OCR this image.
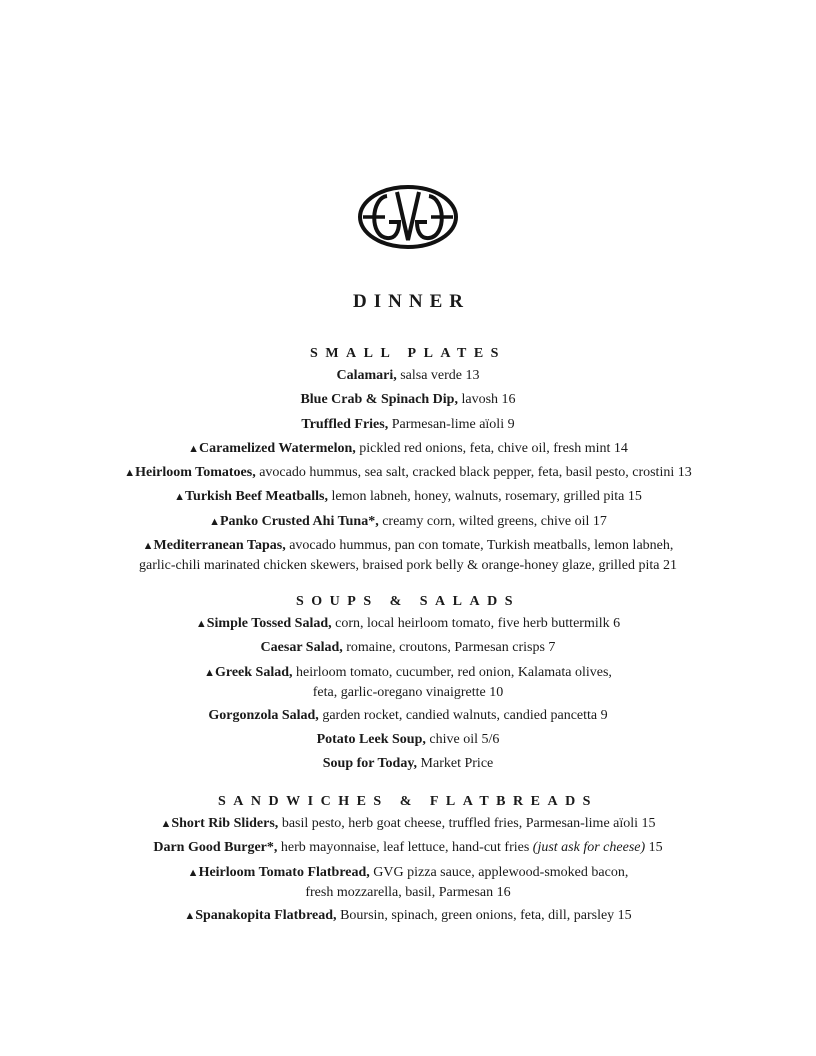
DINNER
SMALL PLATES
Calamari, salsa verde 13
Blue Crab & Spinach Dip, lavosh 16
Truffled Fries, Parmesan-lime aïoli 9
▲Caramelized Watermelon, pickled red onions, feta, chive oil, fresh mint 14
▲Heirloom Tomatoes, avocado hummus, sea salt, cracked black pepper, feta, basil pesto, crostini 13
▲Turkish Beef Meatballs, lemon labneh, honey, walnuts, rosemary, grilled pita 15
▲Panko Crusted Ahi Tuna*, creamy corn, wilted greens, chive oil 17
▲Mediterranean Tapas, avocado hummus, pan con tomate, Turkish meatballs, lemon labneh,
garlic-chili marinated chicken skewers, braised pork belly & orange-honey glaze, grilled pita 21
SOUPS & SALADS
▲Simple Tossed Salad, corn, local heirloom tomato, five herb buttermilk 6
Caesar Salad, romaine, croutons, Parmesan crisps 7
▲Greek Salad, heirloom tomato, cucumber, red onion, Kalamata olives,
feta, garlic-oregano vinaigrette 10
Gorgonzola Salad, garden rocket, candied walnuts, candied pancetta 9
Potato Leek Soup, chive oil 5/6
Soup for Today, Market Price
SANDWICHES & FLATBREADS
▲Short Rib Sliders, basil pesto, herb goat cheese, truffled fries, Parmesan-lime aïoli 15
Darn Good Burger*, herb mayonnaise, leaf lettuce, hand-cut fries (just ask for cheese) 15
▲Heirloom Tomato Flatbread, GVG pizza sauce, applewood-smoked bacon,
fresh mozzarella, basil, Parmesan 16
▲Spanakopita Flatbread, Boursin, spinach, green onions, feta, dill, parsley 15
